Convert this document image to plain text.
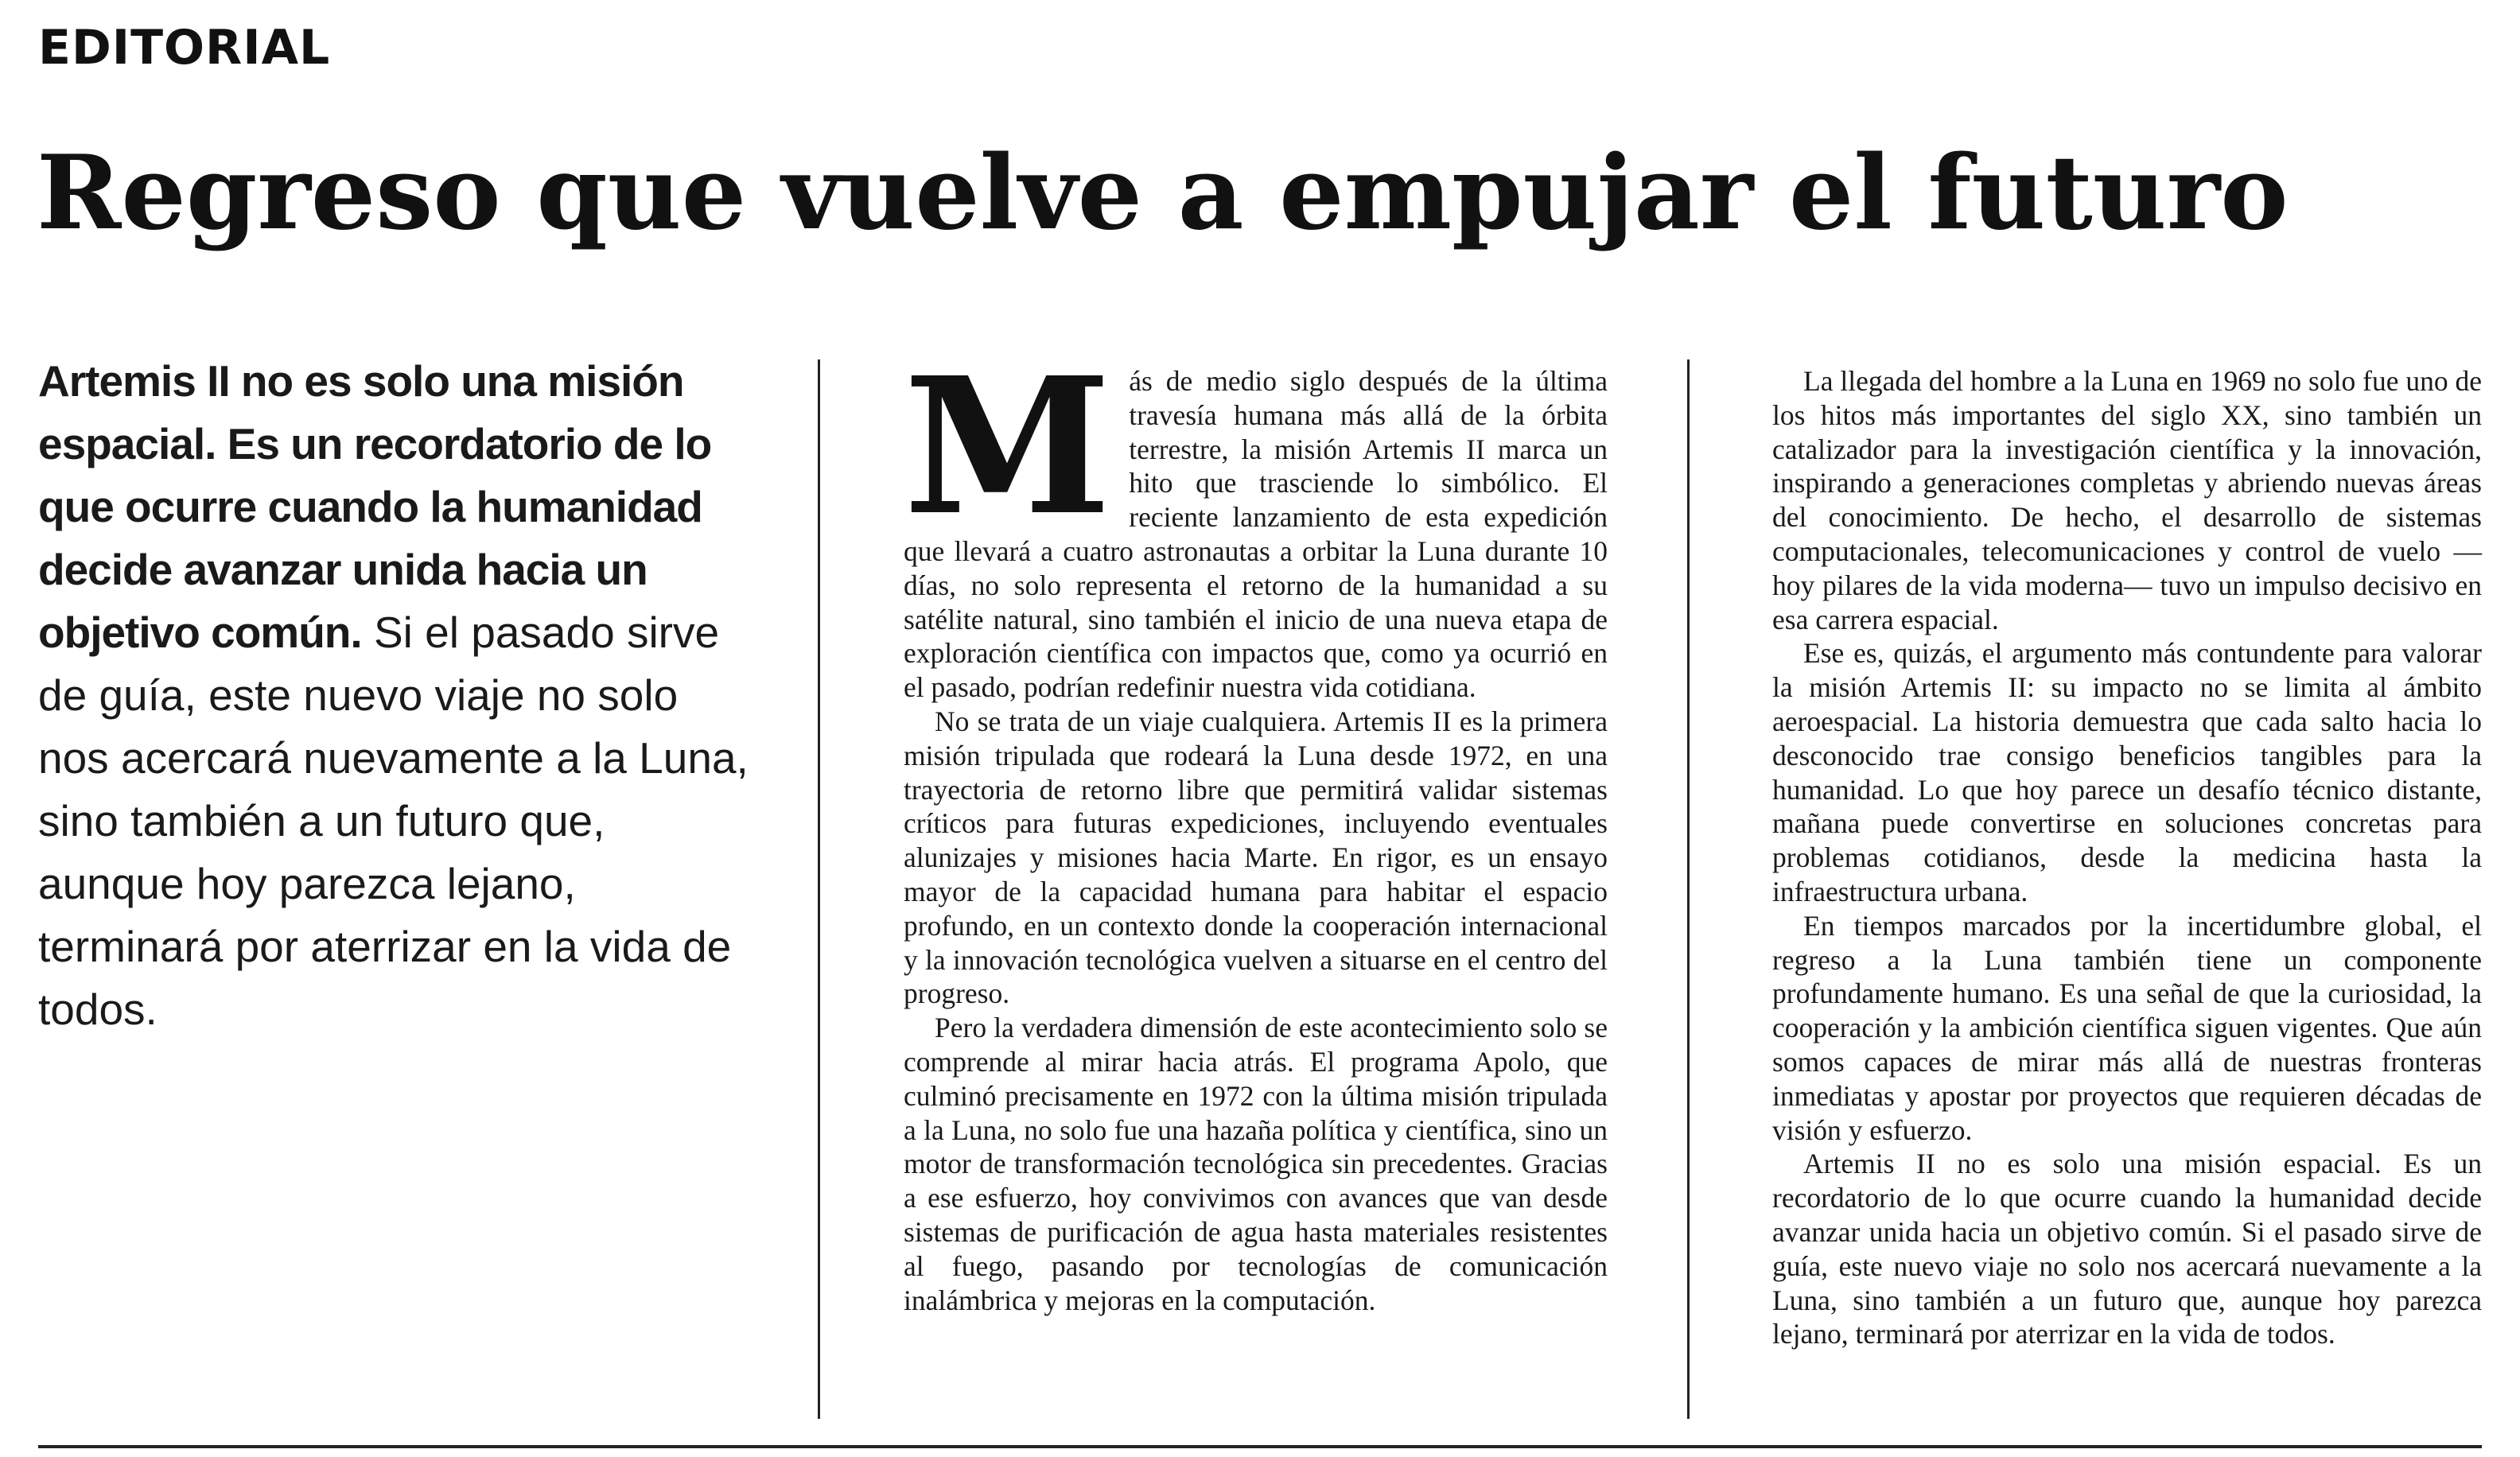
EDITORIAL
Regreso que vuelve a empujar el futuro
Artemis II no es solo una misión espacial. Es un recordatorio de lo que ocurre cuando la humanidad decide avanzar unida hacia un objetivo común. Si el pasado sirve de guía, este nuevo viaje no solo nos acercará nuevamente a la Luna, sino también a un futuro que, aunque hoy parezca lejano, terminará por aterrizar en la vida de todos.

Más de medio siglo después de la última travesía humana más allá de la órbita terrestre, la misión Artemis II marca un hito que trasciende lo simbólico. El reciente lanzamiento de esta expedición que llevará a cuatro astronautas a orbitar la Luna durante 10 días, no solo representa el retorno de la humanidad a su satélite natural, sino también el inicio de una nueva etapa de exploración científica con impactos que, como ya ocurrió en el pasado, podrían redefinir nuestra vida cotidiana.

No se trata de un viaje cualquiera. Artemis II es la primera misión tripulada que rodeará la Luna desde 1972, en una trayectoria de retorno libre que permitirá validar sistemas críticos para futuras expediciones, incluyendo eventuales alunizajes y misiones hacia Marte. En rigor, es un ensayo mayor de la capacidad humana para habitar el espacio profundo, en un contexto donde la cooperación internacional y la innovación tecnológica vuelven a situarse en el centro del progreso.

Pero la verdadera dimensión de este acontecimiento solo se comprende al mirar hacia atrás. El programa Apolo, que culminó precisamente en 1972 con la última misión tripulada a la Luna, no solo fue una hazaña política y científica, sino un motor de transformación tecnológica sin precedentes. Gracias a ese esfuerzo, hoy convivimos con avances que van desde sistemas de purificación de agua hasta materiales resistentes al fuego, pasando por tecnologías de comunicación inalámbrica y mejoras en la computación.

La llegada del hombre a la Luna en 1969 no solo fue uno de los hitos más importantes del siglo XX, sino también un catalizador para la investigación científica y la innovación, inspirando a generaciones completas y abriendo nuevas áreas del conocimiento. De hecho, el desarrollo de sistemas computacionales, telecomunicaciones y control de vuelo —hoy pilares de la vida moderna— tuvo un impulso decisivo en esa carrera espacial.

Ese es, quizás, el argumento más contundente para valorar la misión Artemis II: su impacto no se limita al ámbito aeroespacial. La historia demuestra que cada salto hacia lo desconocido trae consigo beneficios tangibles para la humanidad. Lo que hoy parece un desafío técnico distante, mañana puede convertirse en soluciones concretas para problemas cotidianos, desde la medicina hasta la infraestructura urbana.

En tiempos marcados por la incertidumbre global, el regreso a la Luna también tiene un componente profundamente humano. Es una señal de que la curiosidad, la cooperación y la ambición científica siguen vigentes. Que aún somos capaces de mirar más allá de nuestras fronteras inmediatas y apostar por proyectos que requieren décadas de visión y esfuerzo.

Artemis II no es solo una misión espacial. Es un recordatorio de lo que ocurre cuando la humanidad decide avanzar unida hacia un objetivo común. Si el pasado sirve de guía, este nuevo viaje no solo nos acercará nuevamente a la Luna, sino también a un futuro que, aunque hoy parezca lejano, terminará por aterrizar en la vida de todos.
